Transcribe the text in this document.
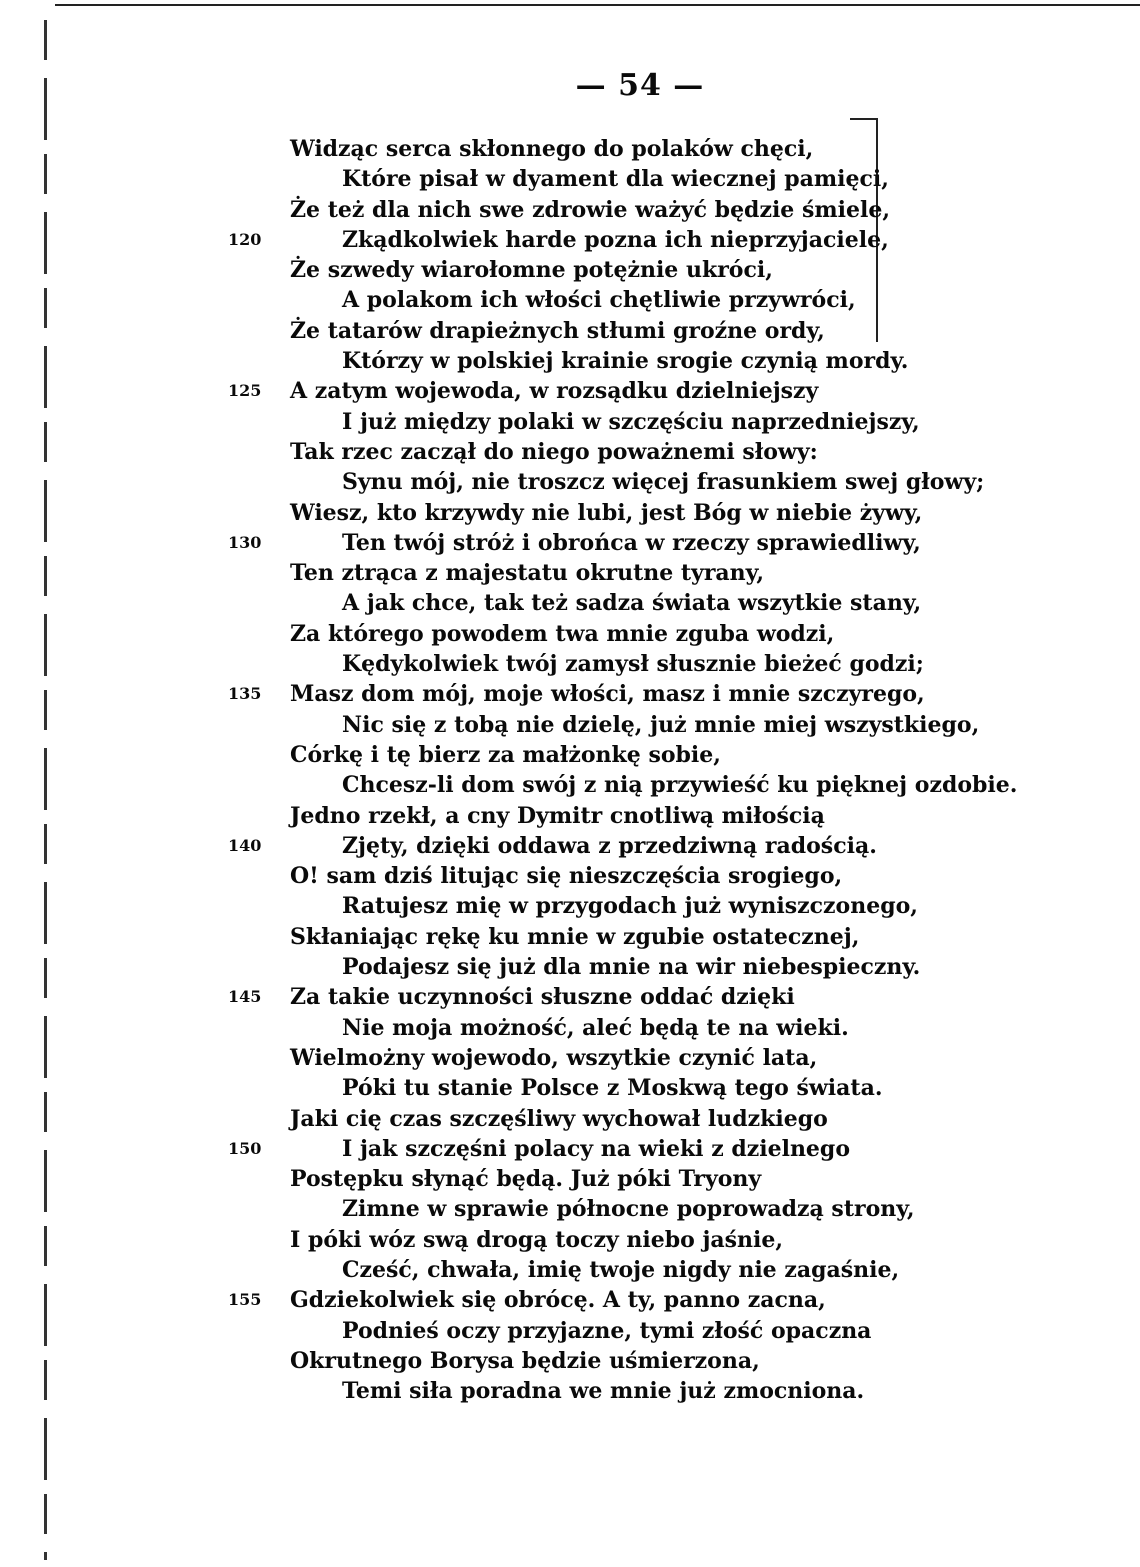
— 54 —
Widząc serca skłonnego do polaków chęci,
Które pisał w dyament dla wiecznej pamięci,
Że też dla nich swe zdrowie ważyć będzie śmiele,
120	Zkądkolwiek harde pozna ich nieprzyjaciele,
Że szwedy wiarołomne potężnie ukróci,
A polakom ich włości chętliwie przywróci,
Że tatarów drapieżnych stłumi groźne ordy,
Którzy w polskiej krainie srogie czynią mordy.
125 A zatym wojewoda, w rozsądku dzielniejszy
I już między polaki w szczęściu naprzedniejszy,
Tak rzec zaczął do niego poważnemi słowy:
Synu mój, nie troszcz więcej frasunkiem swej głowy;
Wiesz, kto krzywdy nie lubi, jest Bóg w niebie żywy,
130	Ten twój stróż i obrońca w rzeczy sprawiedliwy,
Ten ztrąca z majestatu okrutne tyrany,
A jak chce, tak też sadza świata wszytkie stany,
Za którego powodem twa mnie zguba wodzi,
Kędykolwiek twój zamysł słusznie bieżeć godzi;
135 Masz dom mój, moje włości, masz i mnie szczyrego,
Nic się z tobą nie dzielę, już mnie miej wszystkiego,
Córkę i tę bierz za małżonkę sobie,
Chcesz-li dom swój z nią przywieść ku pięknej ozdobie.
Jedno rzekł, a cny Dymitr cnotliwą miłością
140	Zjęty, dzięki oddawa z przedziwną radością.
O! sam dziś litując się nieszczęścia srogiego,
Ratujesz mię w przygodach już wyniszczonego,
Skłaniając rękę ku mnie w zgubie ostatecznej,
Podajesz się już dla mnie na wir niebespieczny.
145 Za takie uczynności słuszne oddać dzięki
Nie moja możność, aleć będą te na wieki.
Wielmożny wojewodo, wszytkie czynić lata,
Póki tu stanie Polsce z Moskwą tego świata.
Jaki cię czas szczęśliwy wychował ludzkiego
150	I jak szczęśni polacy na wieki z dzielnego
Postępku słynąć będą. Już póki Tryony
Zimne w sprawie północne poprowadzą strony,
I póki wóz swą drogą toczy niebo jaśnie,
Cześć, chwała, imię twoje nigdy nie zagaśnie,
155 Gdziekolwiek się obrócę. A ty, panno zacna,
Podnieś oczy przyjazne, tymi złość opaczna
Okrutnego Borysa będzie uśmierzona,
Temi siła poradna we mnie już zmocniona.
